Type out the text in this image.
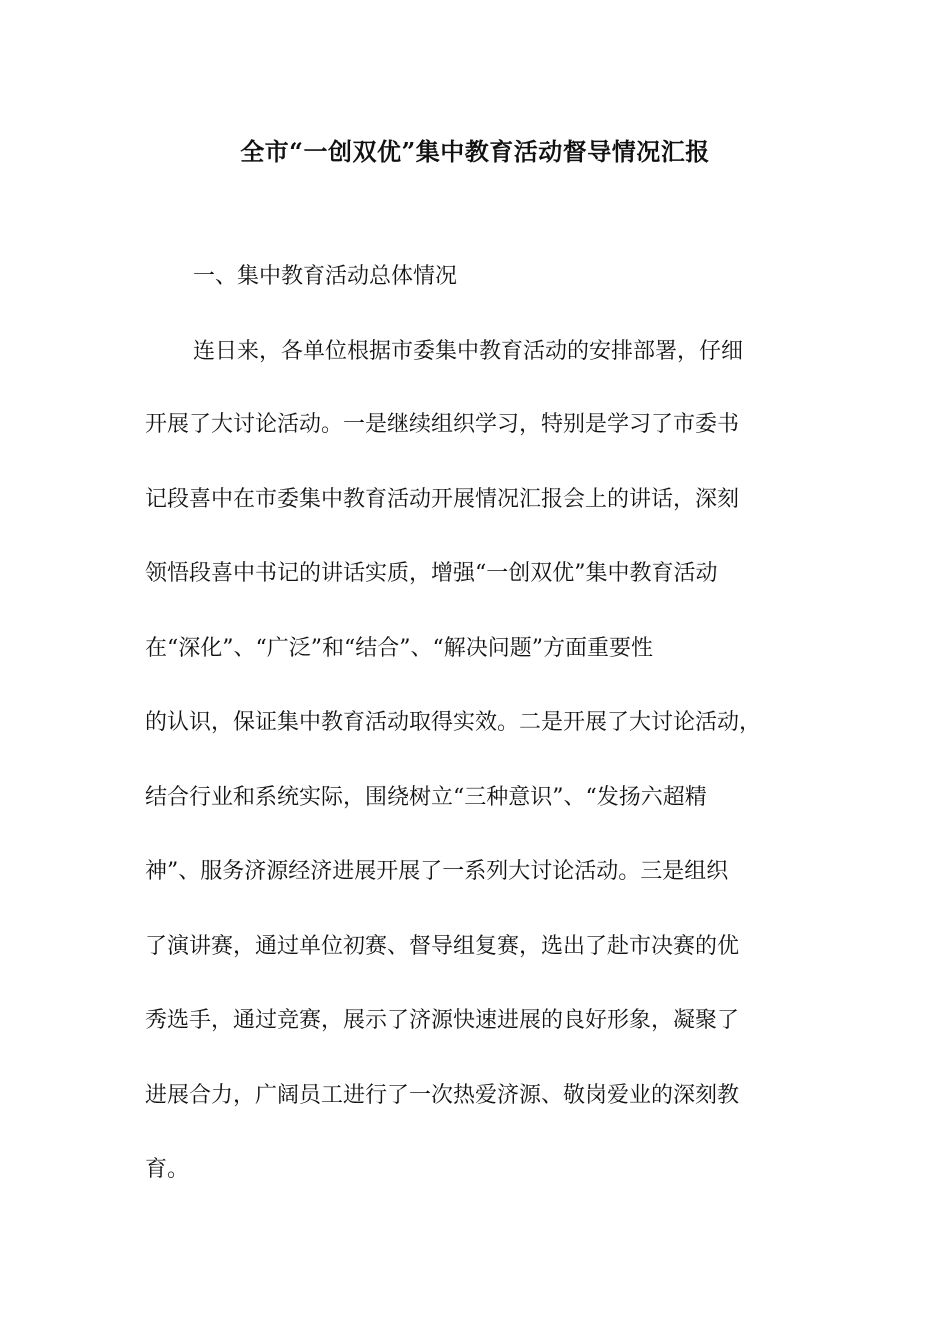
全市“一创双优”集中教育活动督导情况汇报

一、集中教育活动总体情况

连日来，各单位根据市委集中教育活动的安排部署，仔细

开展了大讨论活动。一是继续组织学习，特别是学习了市委书

记段喜中在市委集中教育活动开展情况汇报会上的讲话，深刻

领悟段喜中书记的讲话实质，增强“一创双优”集中教育活动

在“深化”、“广泛”和“结合”、“解决问题”方面重要性

的认识，保证集中教育活动取得实效。二是开展了大讨论活动，

结合行业和系统实际，围绕树立“三种意识”、“发扬六超精

神”、服务济源经济进展开展了一系列大讨论活动。三是组织

了演讲赛，通过单位初赛、督导组复赛，选出了赴市决赛的优

秀选手，通过竞赛，展示了济源快速进展的良好形象，凝聚了

进展合力，广阔员工进行了一次热爱济源、敬岗爱业的深刻教

育。
